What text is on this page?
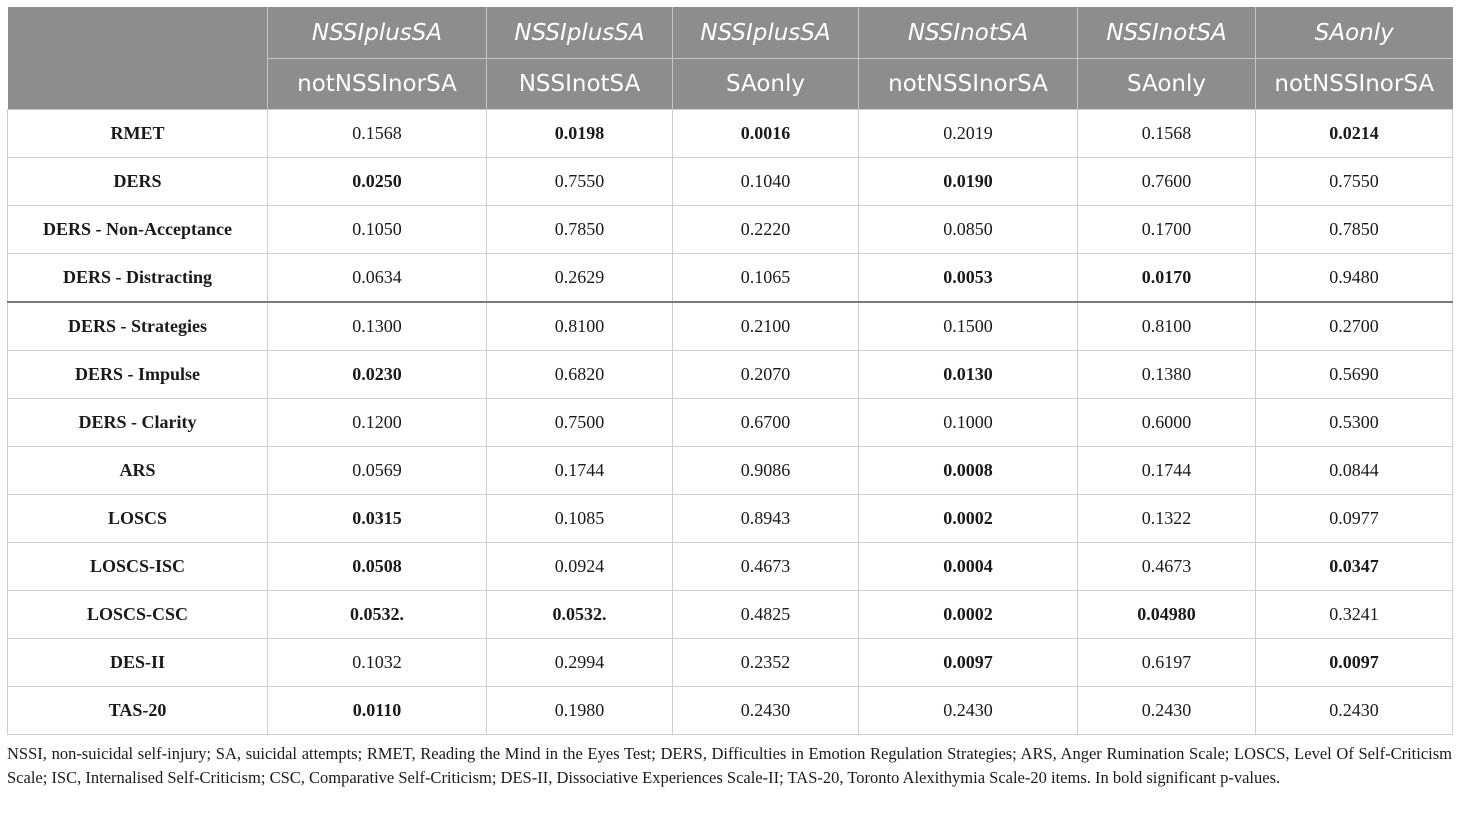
	NSSIplusSA	NSSIplusSA	NSSIplusSA	NSSInotSA	NSSInotSA	SAonly
	notNSSInorSA	NSSInotSA	SAonly	notNSSInorSA	SAonly	notNSSInorSA
RMET	0.1568	0.0198	0.0016	0.2019	0.1568	0.0214
DERS	0.0250	0.7550	0.1040	0.0190	0.7600	0.7550
DERS - Non-Acceptance	0.1050	0.7850	0.2220	0.0850	0.1700	0.7850
DERS - Distracting	0.0634	0.2629	0.1065	0.0053	0.0170	0.9480
DERS - Strategies	0.1300	0.8100	0.2100	0.1500	0.8100	0.2700
DERS - Impulse	0.0230	0.6820	0.2070	0.0130	0.1380	0.5690
DERS - Clarity	0.1200	0.7500	0.6700	0.1000	0.6000	0.5300
ARS	0.0569	0.1744	0.9086	0.0008	0.1744	0.0844
LOSCS	0.0315	0.1085	0.8943	0.0002	0.1322	0.0977
LOSCS-ISC	0.0508	0.0924	0.4673	0.0004	0.4673	0.0347
LOSCS-CSC	0.0532.	0.0532.	0.4825	0.0002	0.04980	0.3241
DES-II	0.1032	0.2994	0.2352	0.0097	0.6197	0.0097
TAS-20	0.0110	0.1980	0.2430	0.2430	0.2430	0.2430

NSSI, non-suicidal self-injury; SA, suicidal attempts; RMET, Reading the Mind in the Eyes Test; DERS, Difficulties in Emotion Regulation Strategies; ARS, Anger Rumination Scale; LOSCS, Level Of Self-Criticism Scale; ISC, Internalised Self-Criticism; CSC, Comparative Self-Criticism; DES-II, Dissociative Experiences Scale-II; TAS-20, Toronto Alexithymia Scale-20 items. In bold significant p-values.
